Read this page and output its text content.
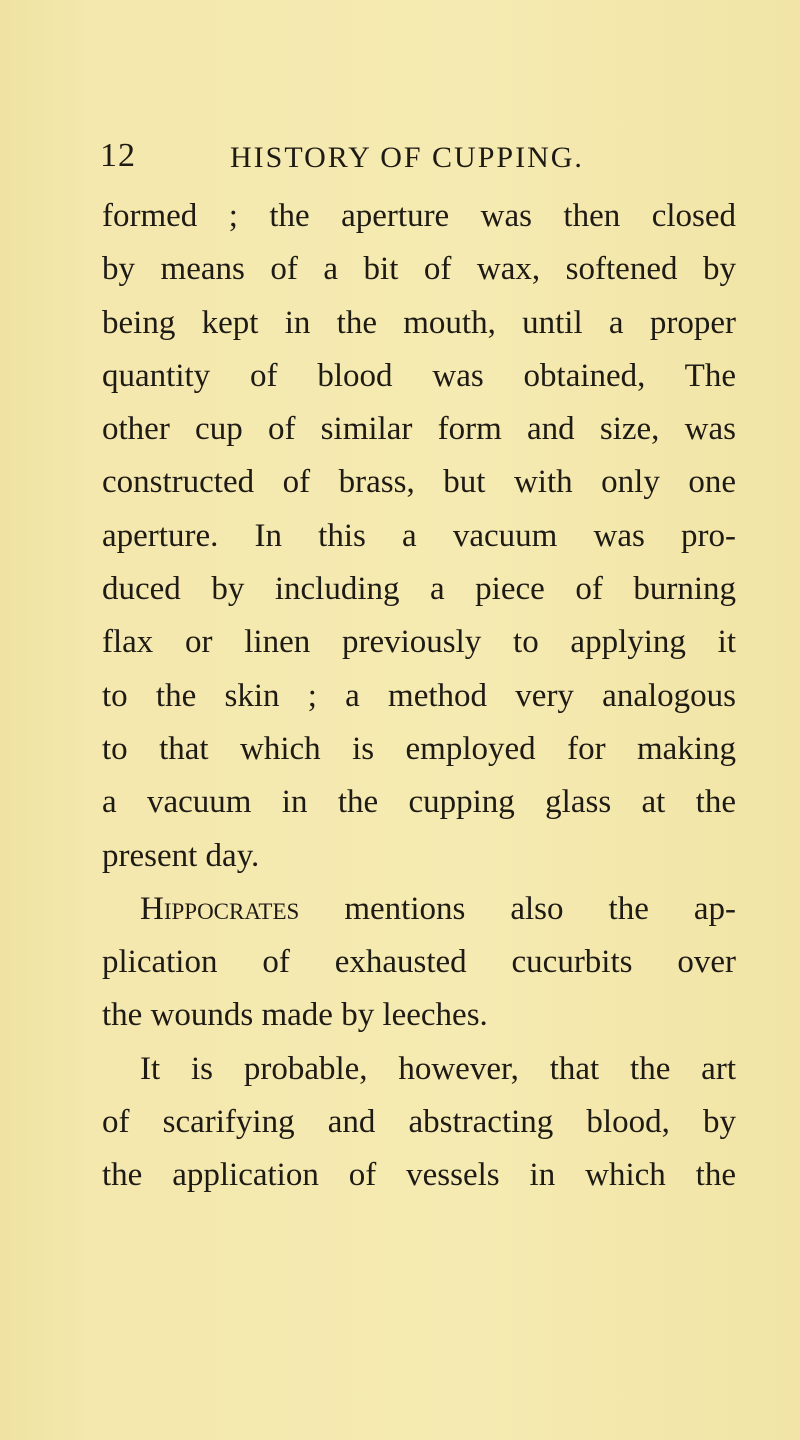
12	HISTORY OF CUPPING.
formed ; the aperture was then closed
by means of a bit of wax, softened by
being kept in the mouth, until a proper
quantity of blood was obtained, The
other cup of similar form and size, was
constructed of brass, but with only one
aperture. In this a vacuum was pro-
duced by including a piece of burning
flax or linen previously to applying it
to the skin ; a method very analogous
to that which is employed for making
a vacuum in the cupping glass at the
present day.
Hippocrates mentions also the ap-
plication of exhausted cucurbits over
the wounds made by leeches.
It is probable, however, that the art
of scarifying and abstracting blood, by
the application of vessels in which the
